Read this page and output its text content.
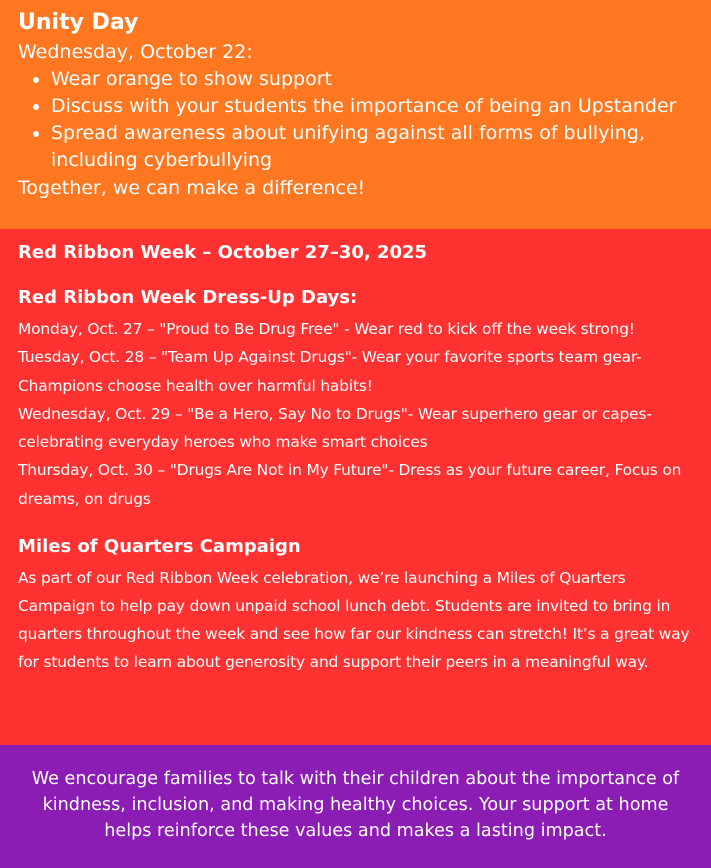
Unity Day

Wednesday, October 22:

• Wear orange to show support
• Discuss with your students the importance of being an Upstander
• Spread awareness about unifying against all forms of bullying, including cyberbullying

Together, we can make a difference!

Red Ribbon Week – October 27–30, 2025
Red Ribbon Week Dress-Up Days:

Monday, Oct. 27 – "Proud to Be Drug Free" - Wear red to kick off the week strong!

Tuesday, Oct. 28 – "Team Up Against Drugs"- Wear your favorite sports team gear- Champions choose health over harmful habits!

Wednesday, Oct. 29 – "Be a Hero, Say No to Drugs"- Wear superhero gear or capes- celebrating everyday heroes who make smart choices

Thursday, Oct. 30 – "Drugs Are Not in My Future"- Dress as your future career, Focus on dreams, on drugs

Miles of Quarters Campaign

As part of our Red Ribbon Week celebration, we’re launching a Miles of Quarters Campaign to help pay down unpaid school lunch debt. Students are invited to bring in quarters throughout the week and see how far our kindness can stretch! It’s a great way for students to learn about generosity and support their peers in a meaningful way.

We encourage families to talk with their children about the importance of kindness, inclusion, and making healthy choices. Your support at home helps reinforce these values and makes a lasting impact.
